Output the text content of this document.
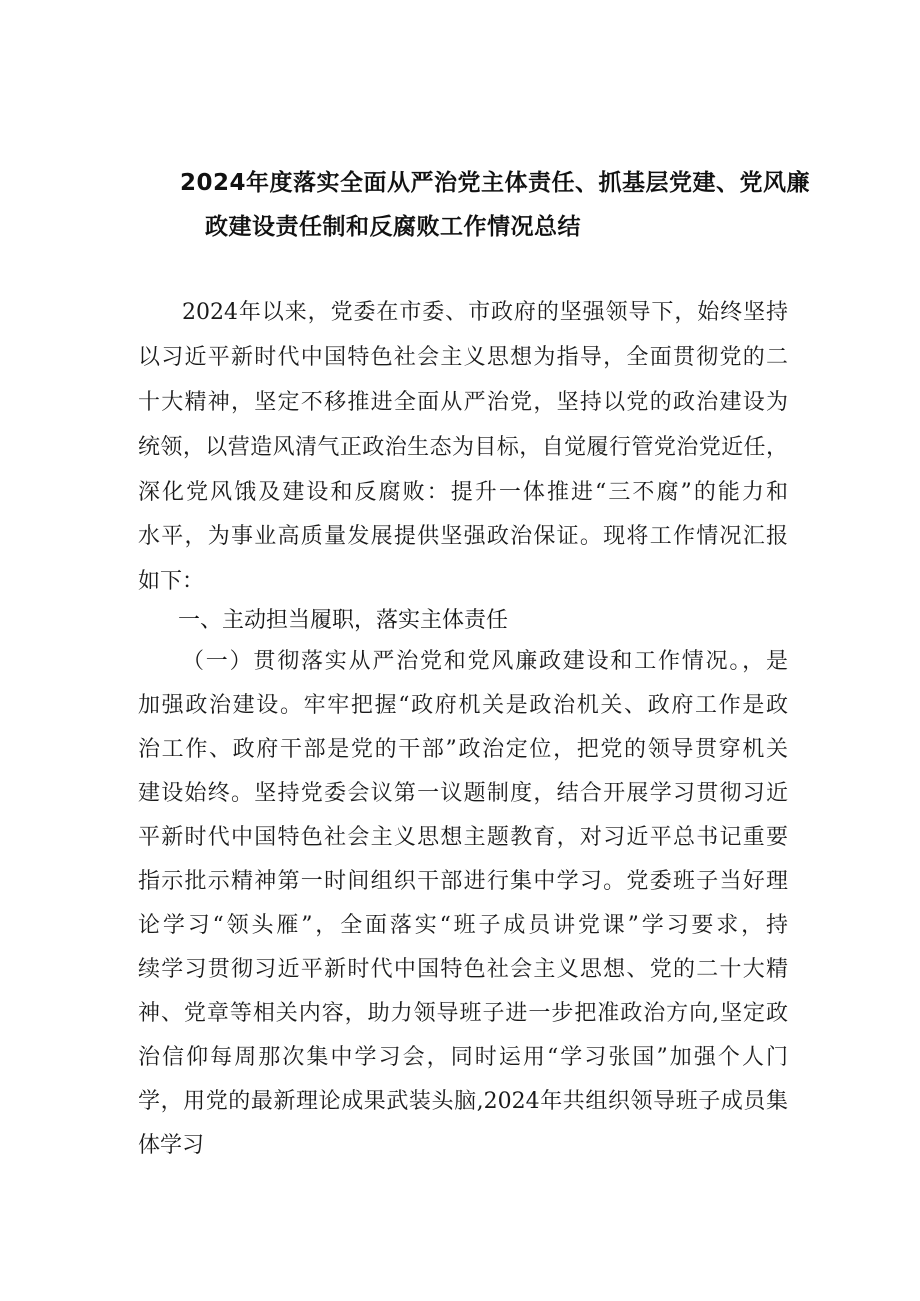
2024年度落实全面从严治党主体责任、抓基层党建、党风廉
政建设责任制和反腐败工作情况总结
2024年以来，党委在市委、市政府的坚强领导下，始终坚持
以习近平新时代中国特色社会主义思想为指导，全面贯彻党的二
十大精神，坚定不移推进全面从严治党，坚持以党的政治建设为
统领，以营造风清气正政治生态为目标，自觉履行管党治党近任，
深化党风饿及建设和反腐败：提升一体推进“三不腐”的能力和
水平，为事业高质量发展提供坚强政治保证。现将工作情况汇报
如下：
一、主动担当履职，落实主体责任
（一）贯彻落实从严治党和党风廉政建设和工作情况。，是
加强政治建设。牢牢把握“政府机关是政治机关、政府工作是政
治工作、政府干部是党的干部”政治定位，把党的领导贯穿机关
建设始终。坚持党委会议第一议题制度，结合开展学习贯彻习近
平新时代中国特色社会主义思想主题教育，对习近平总书记重要
指示批示精神第一时间组织干部进行集中学习。党委班子当好理
论学习“领头雁”，全面落实“班子成员讲党课”学习要求，持
续学习贯彻习近平新时代中国特色社会主义思想、党的二十大精
神、党章等相关内容，助力领导班子进一步把准政治方向,坚定政
治信仰每周那次集中学习会，同时运用“学习张国”加强个人门
学，用党的最新理论成果武装头脑,2024年共组织领导班子成员集
体学习
